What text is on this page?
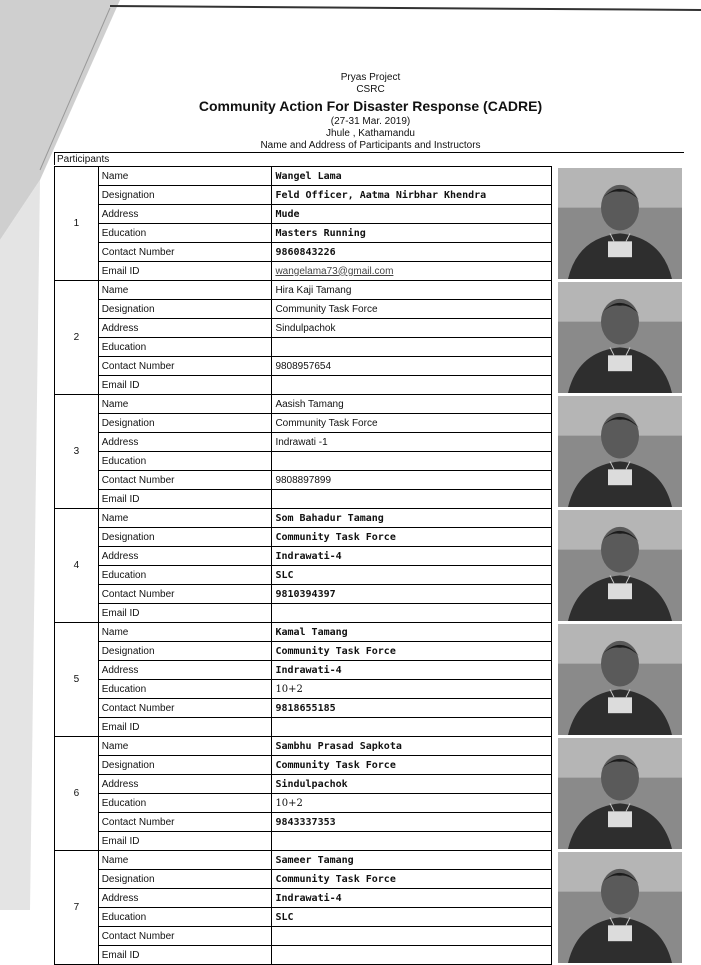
Pryas Project
CSRC
Community Action For Disaster Response (CADRE)
(27-31 Mar. 2019)
Jhule , Kathamandu
Name and Address of Participants and Instructors
Participants
1	Name	Wangel Lama	

	Designation	Feld Officer, Aatma Nirbhar Khendra	
	Address	Mude	
	Education	Masters Running	
	Contact Number	9860843226	
	Email ID	wangelama73@gmail.com	
2	Name	Hira Kaji Tamang	

	Designation	Community Task Force	
	Address	Sindulpachok	
	Education		
	Contact Number	9808957654	
	Email ID		
3	Name	Aasish Tamang	

	Designation	Community Task Force	
	Address	Indrawati -1	
	Education		
	Contact Number	9808897899	
	Email ID		
4	Name	Som Bahadur Tamang	

	Designation	Community Task Force	
	Address	Indrawati-4	
	Education	SLC	
	Contact Number	9810394397	
	Email ID		
5	Name	Kamal Tamang	

	Designation	Community Task Force	
	Address	Indrawati-4	
	Education	10+2	
	Contact Number	9818655185	
	Email ID		
6	Name	Sambhu Prasad Sapkota	

	Designation	Community Task Force	
	Address	Sindulpachok	
	Education	10+2	
	Contact Number	9843337353	
	Email ID		
7	Name	Sameer Tamang	

	Designation	Community Task Force	
	Address	Indrawati-4	
	Education	SLC	
	Contact Number		
	Email ID		
